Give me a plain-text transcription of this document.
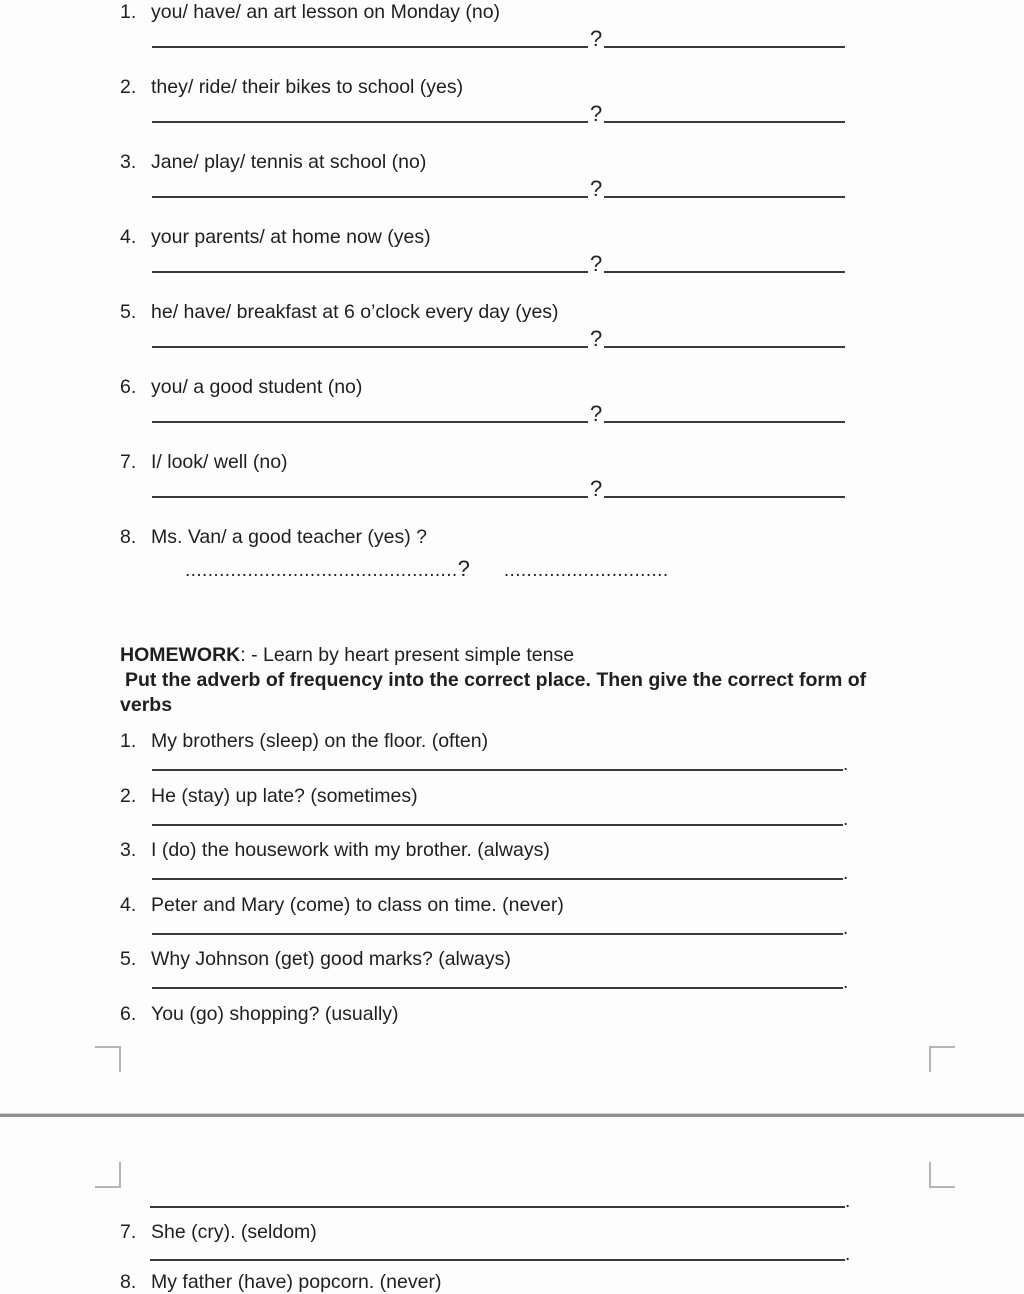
1. you/ have/ an art lesson on Monday (no)
?
2. they/ ride/ their bikes to school (yes)
?
3. Jane/ play/ tennis at school (no)
?
4. your parents/ at home now (yes)
?
5. he/ have/ breakfast at 6 o’clock every day (yes)
?
6. you/ a good student (no)
?
7. I/ look/ well (no)
?
8. Ms. Van/ a good teacher (yes) ?
................................................? .............................
HOMEWORK: - Learn by heart present simple tense
Put the adverb of frequency into the correct place. Then give the correct form of
verbs
1. My brothers (sleep) on the floor. (often)
.
2. He (stay) up late? (sometimes)
.
3. I (do) the housework with my brother. (always)
.
4. Peter and Mary (come) to class on time. (never)
.
5. Why Johnson (get) good marks? (always)
.
6. You (go) shopping? (usually)
.
7. She (cry). (seldom)
.
8. My father (have) popcorn. (never)
